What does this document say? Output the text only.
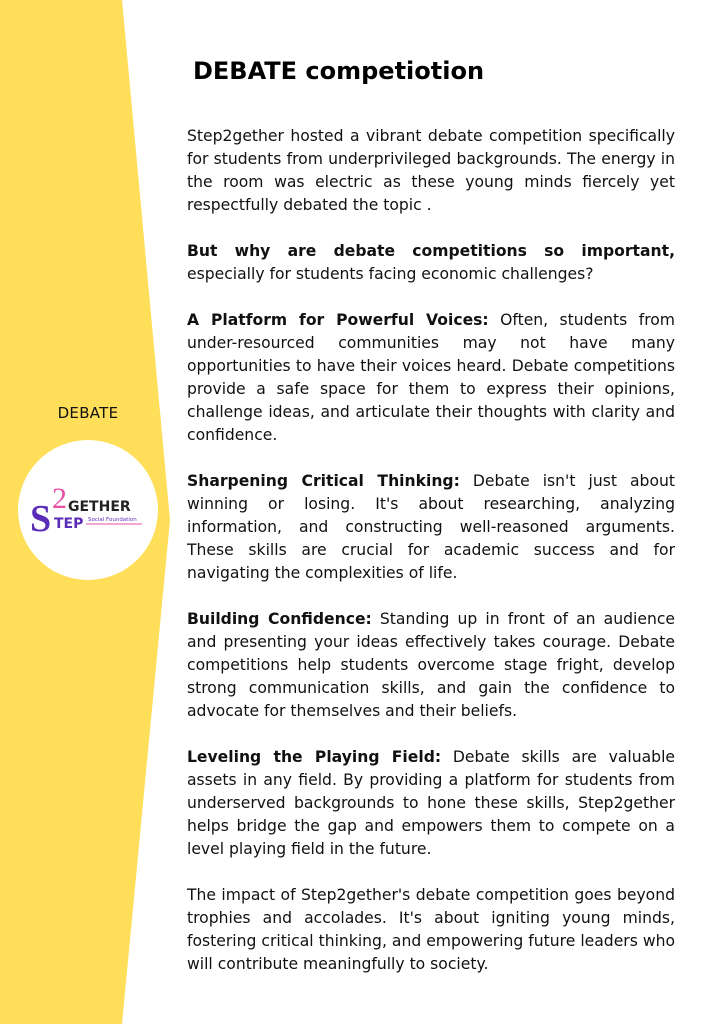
DEBATE competiotion
DEBATE
S 2 GETHER
TEP Social Foundation

Step2gether hosted a vibrant debate competition specifically for students from underprivileged backgrounds. The energy in the room was electric as these young minds fiercely yet respectfully debated the topic .

But why are debate competitions so important, especially for students facing economic challenges?

A Platform for Powerful Voices: Often, students from under-resourced communities may not have many opportunities to have their voices heard. Debate competitions provide a safe space for them to express their opinions, challenge ideas, and articulate their thoughts with clarity and confidence.

Sharpening Critical Thinking: Debate isn't just about winning or losing. It's about researching, analyzing information, and constructing well-reasoned arguments. These skills are crucial for academic success and for navigating the complexities of life.

Building Confidence: Standing up in front of an audience and presenting your ideas effectively takes courage. Debate competitions help students overcome stage fright, develop strong communication skills, and gain the confidence to advocate for themselves and their beliefs.

Leveling the Playing Field: Debate skills are valuable assets in any field. By providing a platform for students from underserved backgrounds to hone these skills, Step2gether helps bridge the gap and empowers them to compete on a level playing field in the future.

The impact of Step2gether's debate competition goes beyond trophies and accolades. It's about igniting young minds, fostering critical thinking, and empowering future leaders who will contribute meaningfully to society.
